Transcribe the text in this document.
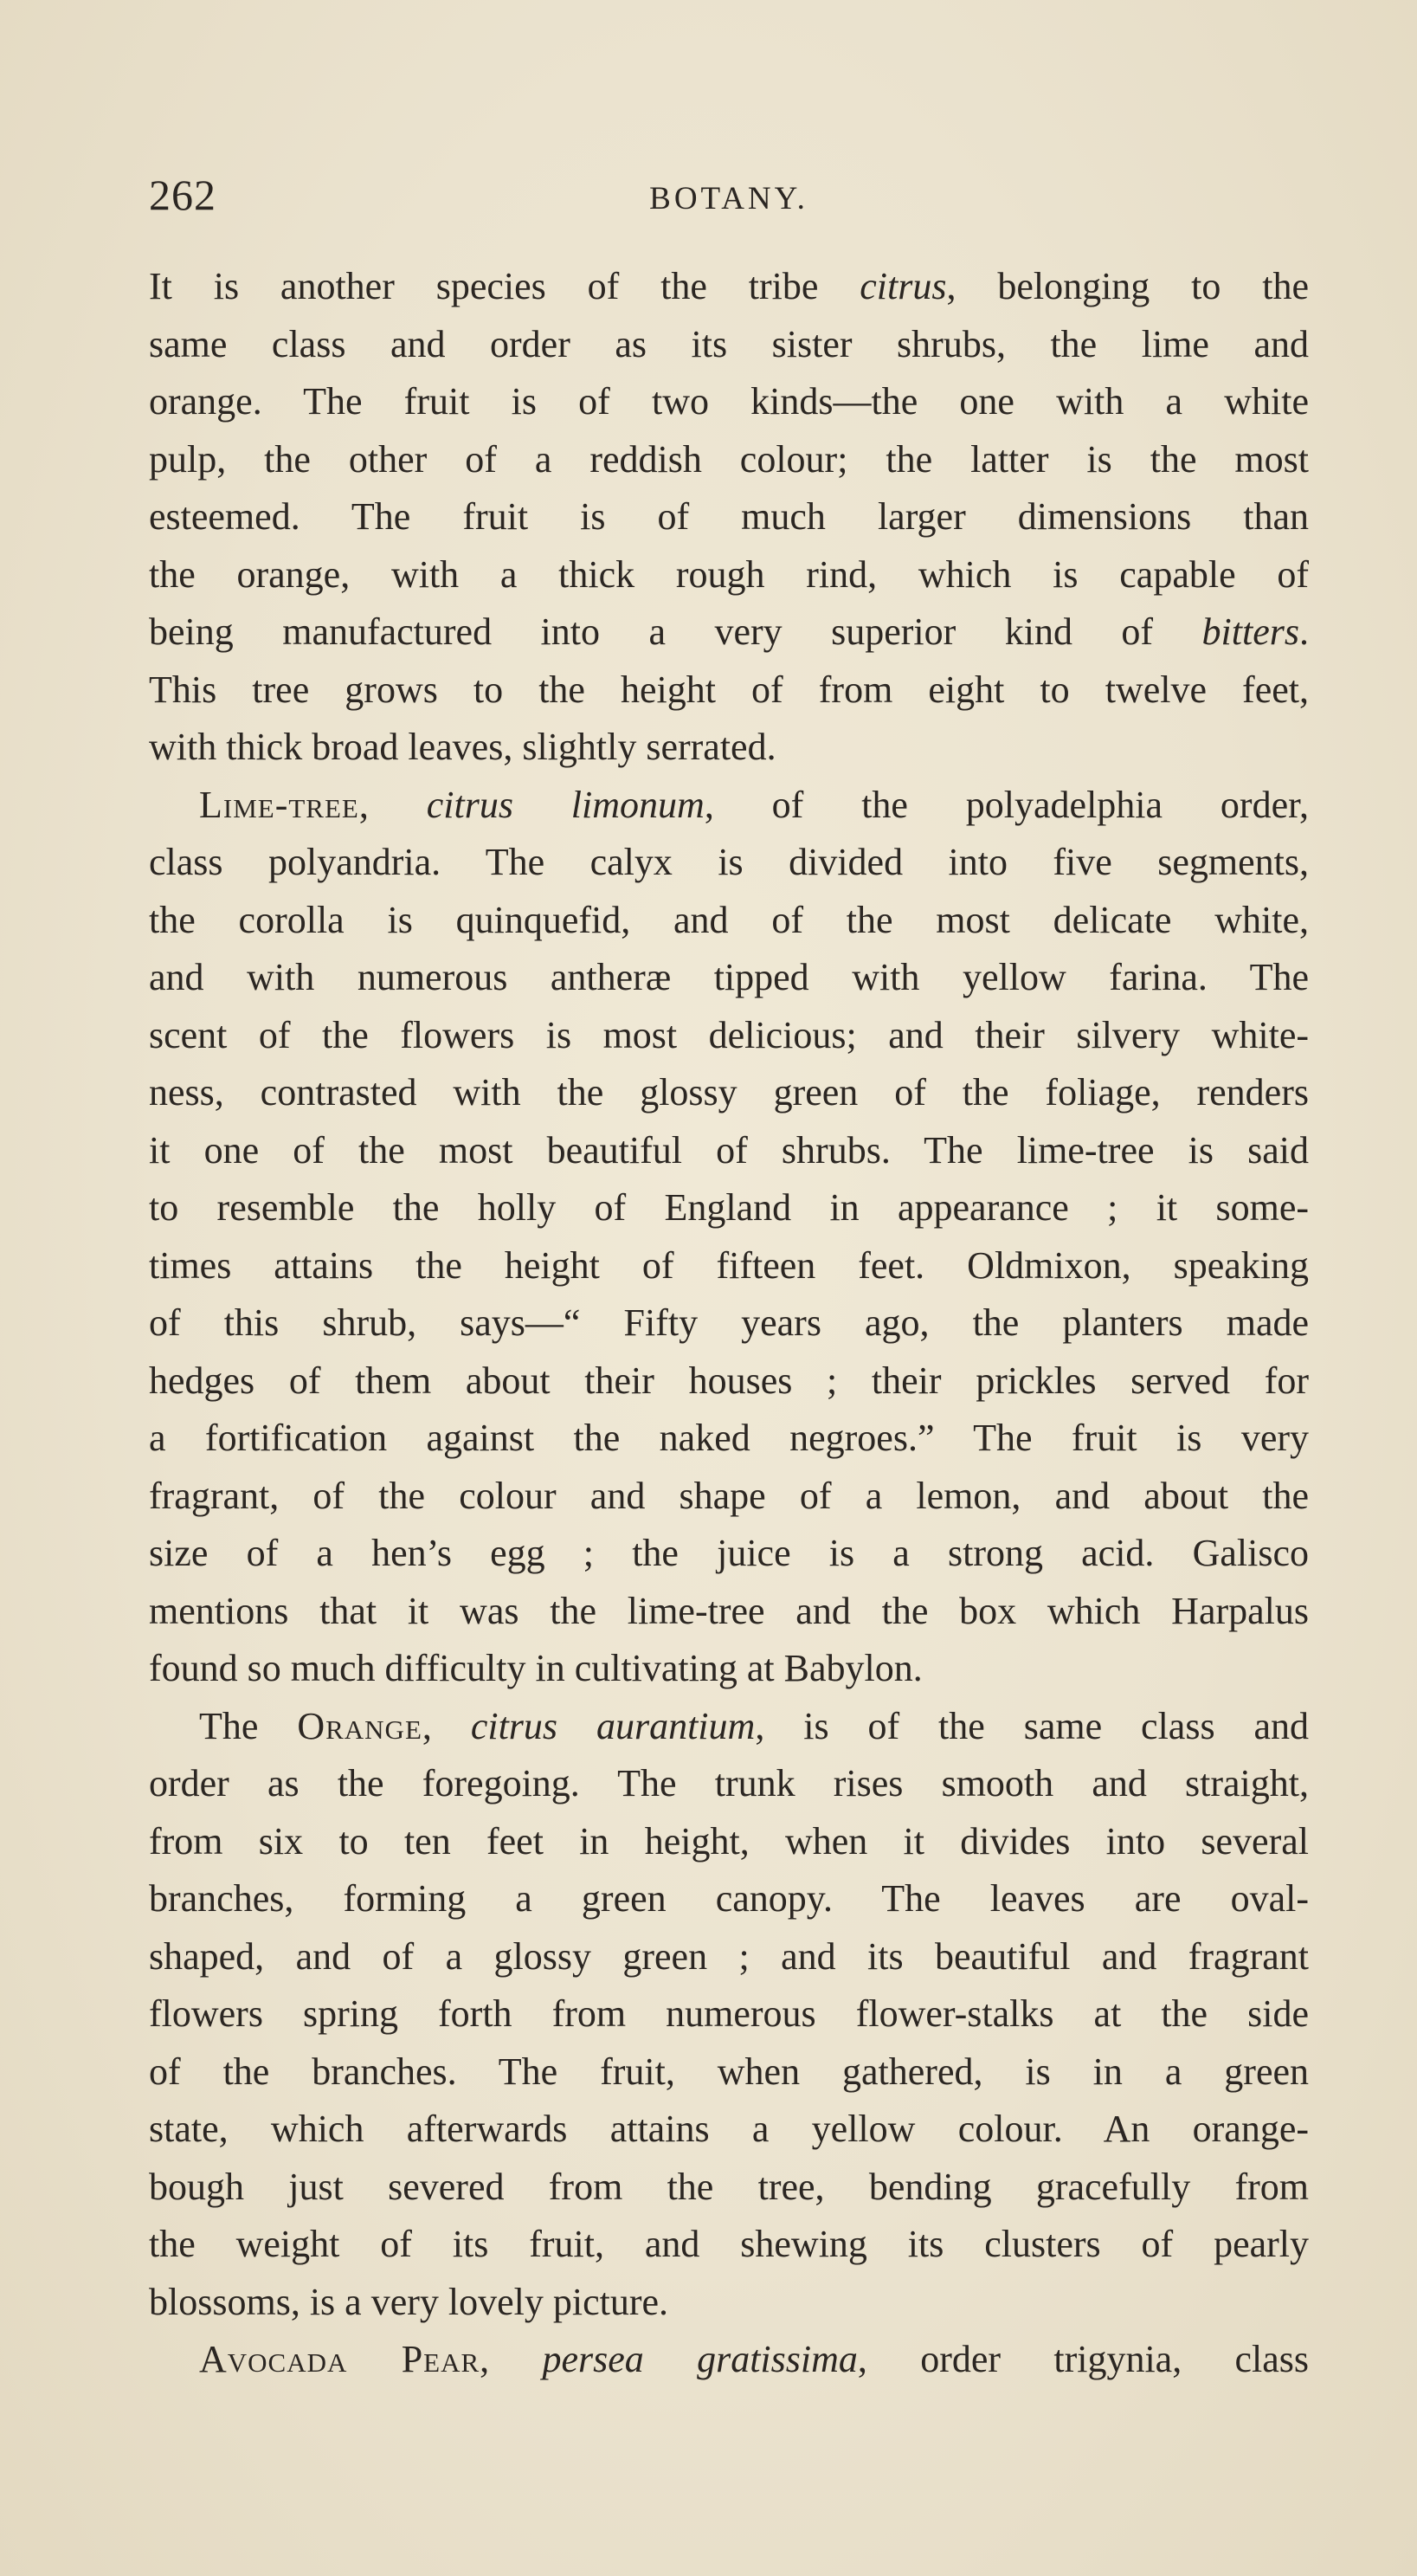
262	BOTANY.
It is another species of the tribe citrus, belonging to the
same class and order as its sister shrubs, the lime and
orange. The fruit is of two kinds—the one with a white
pulp, the other of a reddish colour; the latter is the most
esteemed. The fruit is of much larger dimensions than
the orange, with a thick rough rind, which is capable of
being manufactured into a very superior kind of bitters.
This tree grows to the height of from eight to twelve feet,
with thick broad leaves, slightly serrated.
Lime-tree, citrus limonum, of the polyadelphia order,
class polyandria. The calyx is divided into five segments,
the corolla is quinquefid, and of the most delicate white,
and with numerous antheræ tipped with yellow farina. The
scent of the flowers is most delicious; and their silvery white-
ness, contrasted with the glossy green of the foliage, renders
it one of the most beautiful of shrubs. The lime-tree is said
to resemble the holly of England in appearance ; it some-
times attains the height of fifteen feet. Oldmixon, speaking
of this shrub, says—“ Fifty years ago, the planters made
hedges of them about their houses ; their prickles served for
a fortification against the naked negroes.” The fruit is very
fragrant, of the colour and shape of a lemon, and about the
size of a hen’s egg ; the juice is a strong acid. Galisco
mentions that it was the lime-tree and the box which Harpalus
found so much difficulty in cultivating at Babylon.
The Orange, citrus aurantium, is of the same class and
order as the foregoing. The trunk rises smooth and straight,
from six to ten feet in height, when it divides into several
branches, forming a green canopy. The leaves are oval-
shaped, and of a glossy green ; and its beautiful and fragrant
flowers spring forth from numerous flower-stalks at the side
of the branches. The fruit, when gathered, is in a green
state, which afterwards attains a yellow colour. An orange-
bough just severed from the tree, bending gracefully from
the weight of its fruit, and shewing its clusters of pearly
blossoms, is a very lovely picture.
Avocada Pear, persea gratissima, order trigynia, class
